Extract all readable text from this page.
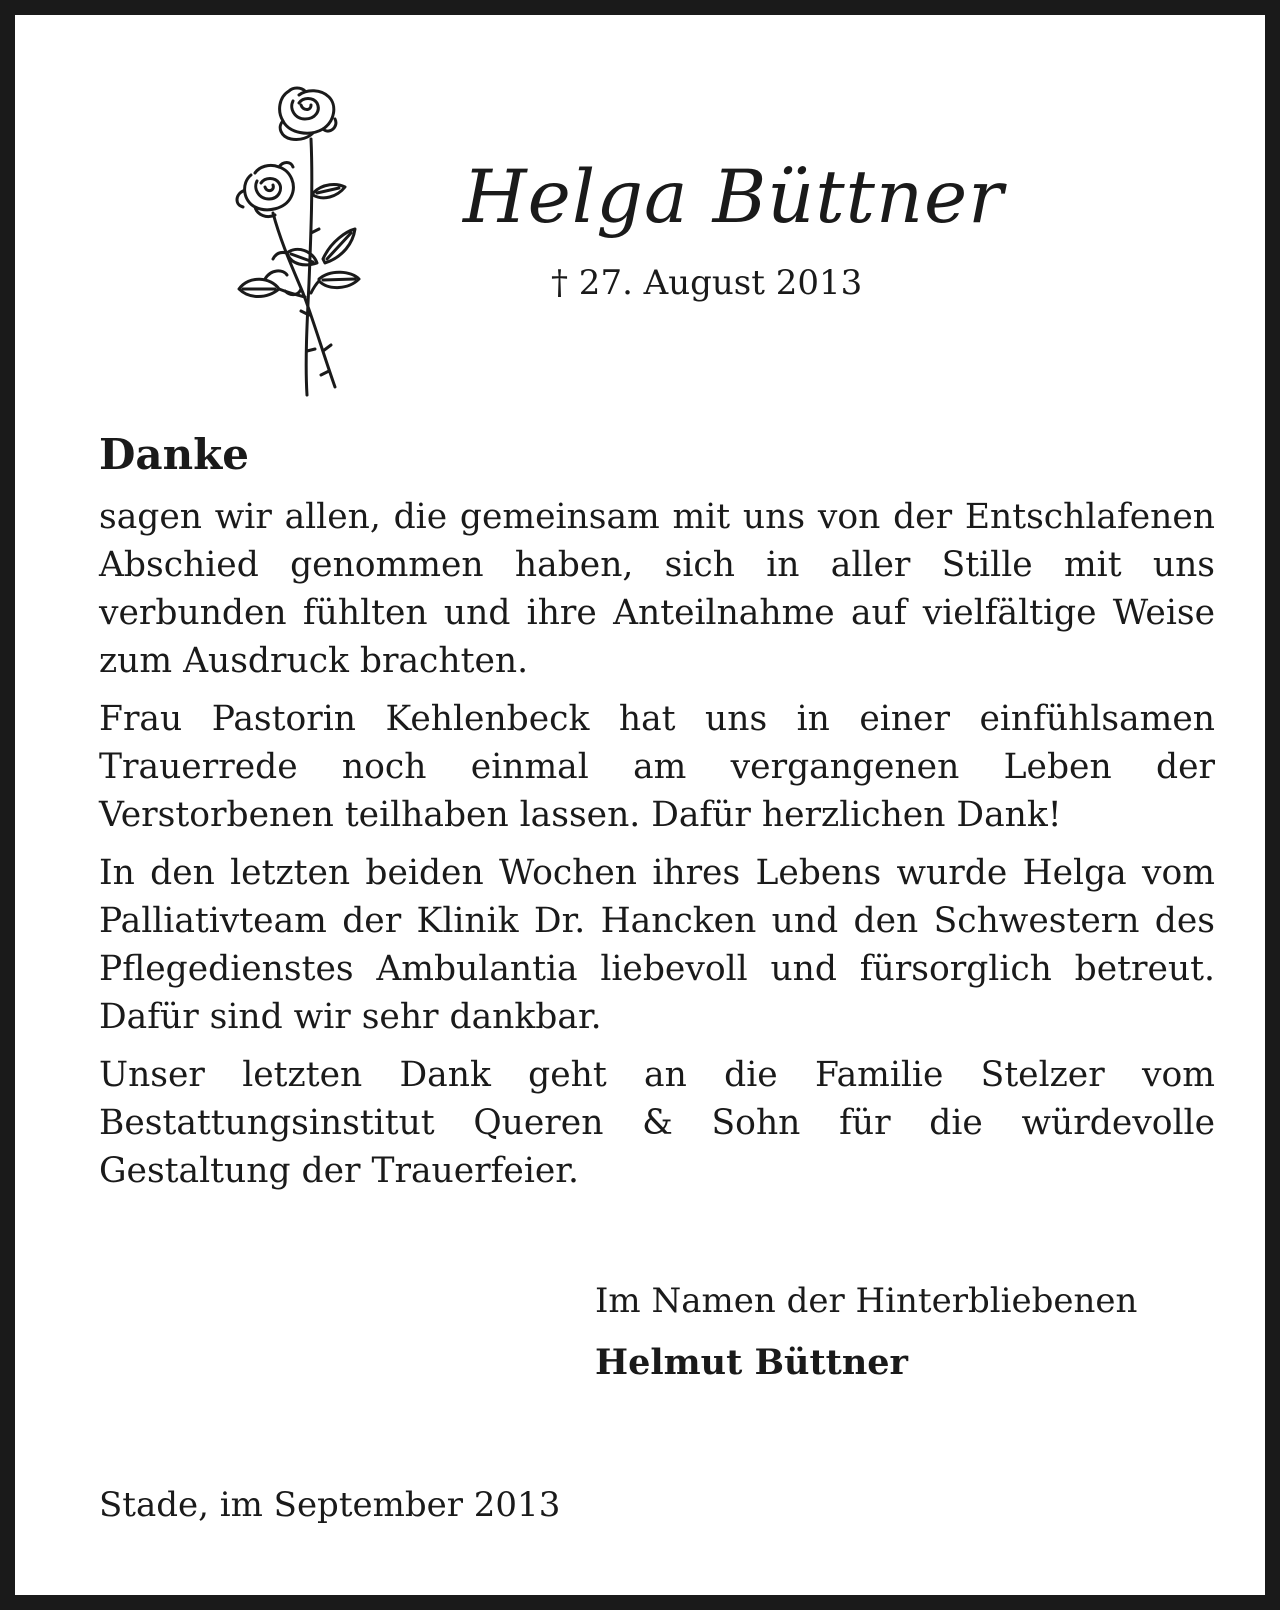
Helga Büttner
† 27. August 2013
Danke

sagen wir allen, die gemeinsam mit uns von der Entschlafenen Abschied genommen haben, sich in aller Stille mit uns verbunden fühlten und ihre Anteilnahme auf vielfältige Weise zum Ausdruck brachten.

Frau Pastorin Kehlenbeck hat uns in einer einfühlsamen Trauerrede noch einmal am vergangenen Leben der Verstorbenen teilhaben lassen. Dafür herzlichen Dank!

In den letzten beiden Wochen ihres Lebens wurde Helga vom Palliativteam der Klinik Dr. Hancken und den Schwestern des Pflegedienstes Ambulantia liebevoll und fürsorglich betreut. Dafür sind wir sehr dankbar.

Unser letzten Dank geht an die Familie Stelzer vom Bestattungsinstitut Queren & Sohn für die würdevolle Gestaltung der Trauerfeier.

Im Namen der Hinterbliebenen
Helmut Büttner
Stade, im September 2013
